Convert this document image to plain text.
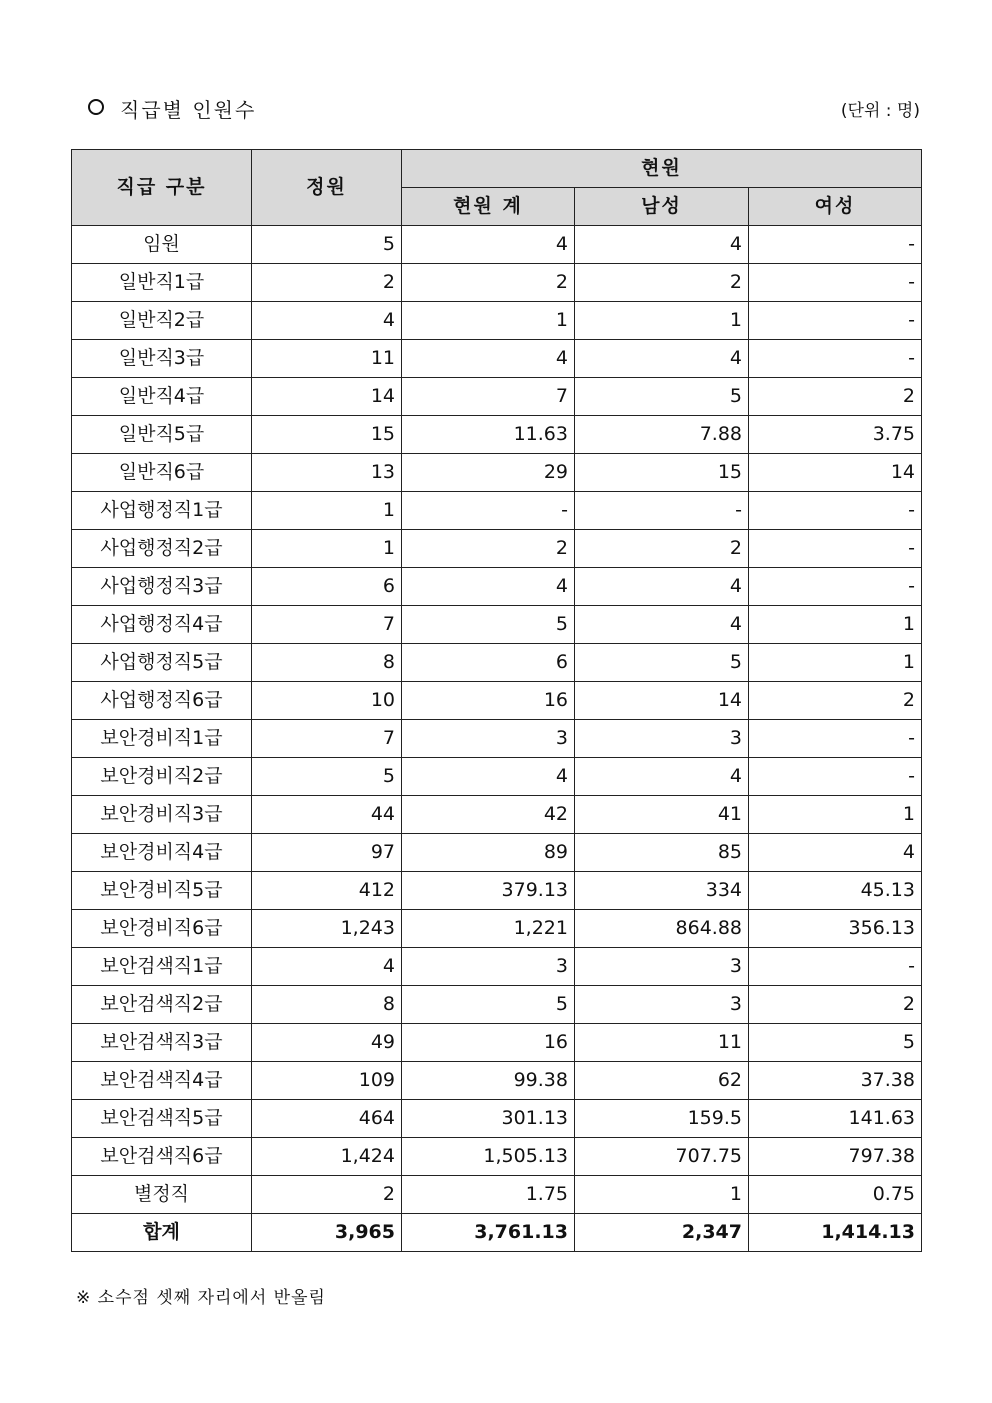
직급별 인원수	(단위 : 명)
직급 구분	정원	현원		
		현원 계	남성	여성
임원	5	4	4	-
일반직1급	2	2	2	-
일반직2급	4	1	1	-
일반직3급	11	4	4	-
일반직4급	14	7	5	2
일반직5급	15	11.63	7.88	3.75
일반직6급	13	29	15	14
사업행정직1급	1	-	-	-
사업행정직2급	1	2	2	-
사업행정직3급	6	4	4	-
사업행정직4급	7	5	4	1
사업행정직5급	8	6	5	1
사업행정직6급	10	16	14	2
보안경비직1급	7	3	3	-
보안경비직2급	5	4	4	-
보안경비직3급	44	42	41	1
보안경비직4급	97	89	85	4
보안경비직5급	412	379.13	334	45.13
보안경비직6급	1,243	1,221	864.88	356.13
보안검색직1급	4	3	3	-
보안검색직2급	8	5	3	2
보안검색직3급	49	16	11	5
보안검색직4급	109	99.38	62	37.38
보안검색직5급	464	301.13	159.5	141.63
보안검색직6급	1,424	1,505.13	707.75	797.38
별정직	2	1.75	1	0.75
합계	3,965	3,761.13	2,347	1,414.13
※ 소수점 셋째 자리에서 반올림
